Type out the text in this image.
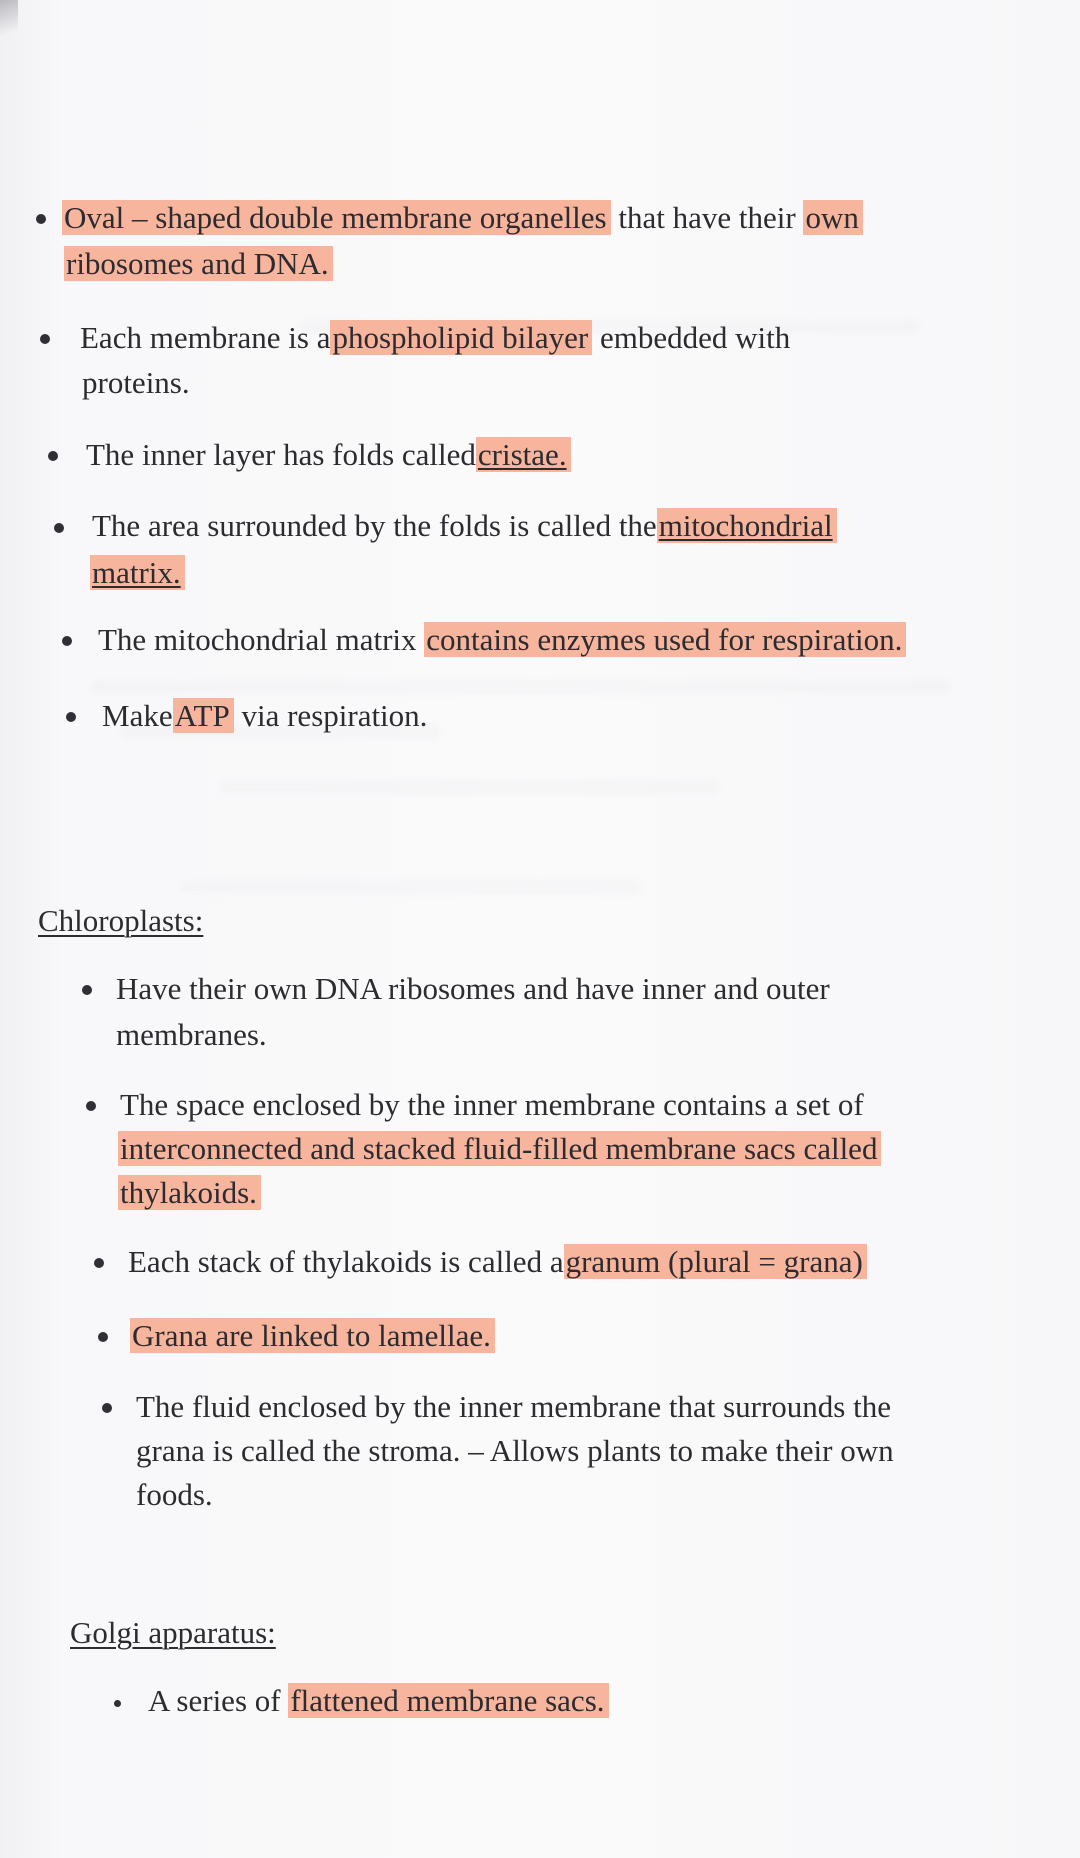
Oval – shaped double membrane organelles that have their own
ribosomes and DNA.
Each membrane is aphospholipid bilayer embedded with
proteins.
The inner layer has folds calledcristae.
The area surrounded by the folds is called themitochondrial
matrix.
The mitochondrial matrix contains enzymes used for respiration.
MakeATP via respiration.
Chloroplasts:
Have their own DNA ribosomes and have inner and outer
membranes.
The space enclosed by the inner membrane contains a set of
interconnected and stacked fluid-filled membrane sacs called
thylakoids.
Each stack of thylakoids is called agranum (plural = grana)
Grana are linked to lamellae.
The fluid enclosed by the inner membrane that surrounds the
grana is called the stroma. – Allows plants to make their own
foods.
Golgi apparatus:
A series of flattened membrane sacs.
